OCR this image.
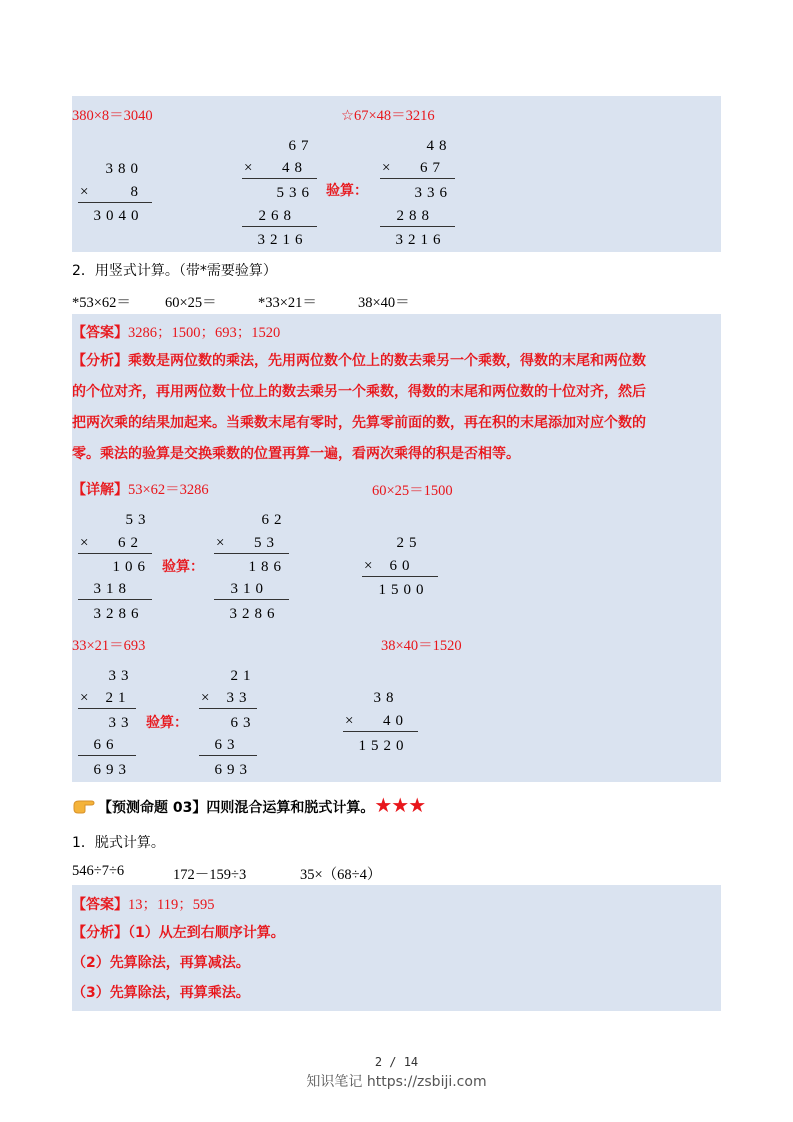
380×8＝3040	☆67×48＝3216
3 8 0
×	8
3 0 4 0
6 7
× 4 8
5 3 6
2 6 8
3 2 1 6
验算：
4 8
× 6 7
3 3 6
2 8 8
3 2 1 6
2．用竖式计算。（带*需要验算）
*53×62＝ 60×25＝	*33×21＝	38×40＝
【答案】3286；1500；693；1520
【分析】乘数是两位数的乘法，先用两位数个位上的数去乘另一个乘数，得数的末尾和两位数
的个位对齐，再用两位数十位上的数去乘另一个乘数，得数的末尾和两位数的十位对齐，然后
把两次乘的结果加起来。当乘数末尾有零时，先算零前面的数，再在积的末尾添加对应个数的
零。乘法的验算是交换乘数的位置再算一遍，看两次乘得的积是否相等。
【详解】53×62＝3286	60×25＝1500
5 3
× 6 2
1 0 6
3 1 8
3 2 8 6
验算：
6 2
× 5 3
1 8 6
3 1 0
3 2 8 6
2 5
× 6 0
1 5 0 0
33×21＝693	38×40＝1520
3 3
× 2 1
3 3
6 6
6 9 3
验算：
2 1
× 3 3
6 3
6 3
6 9 3
3 8
× 4 0
1 5 2 0
【预测命题 03】四则混合运算和脱式计算。★★★
1．脱式计算。
546÷7÷6	172－159÷3	35×（68÷4）
【答案】13；119；595
【分析】（1）从左到右顺序计算。
（2）先算除法，再算减法。
（3）先算除法，再算乘法。
2 / 14
知识笔记 https://zsbiji.com
